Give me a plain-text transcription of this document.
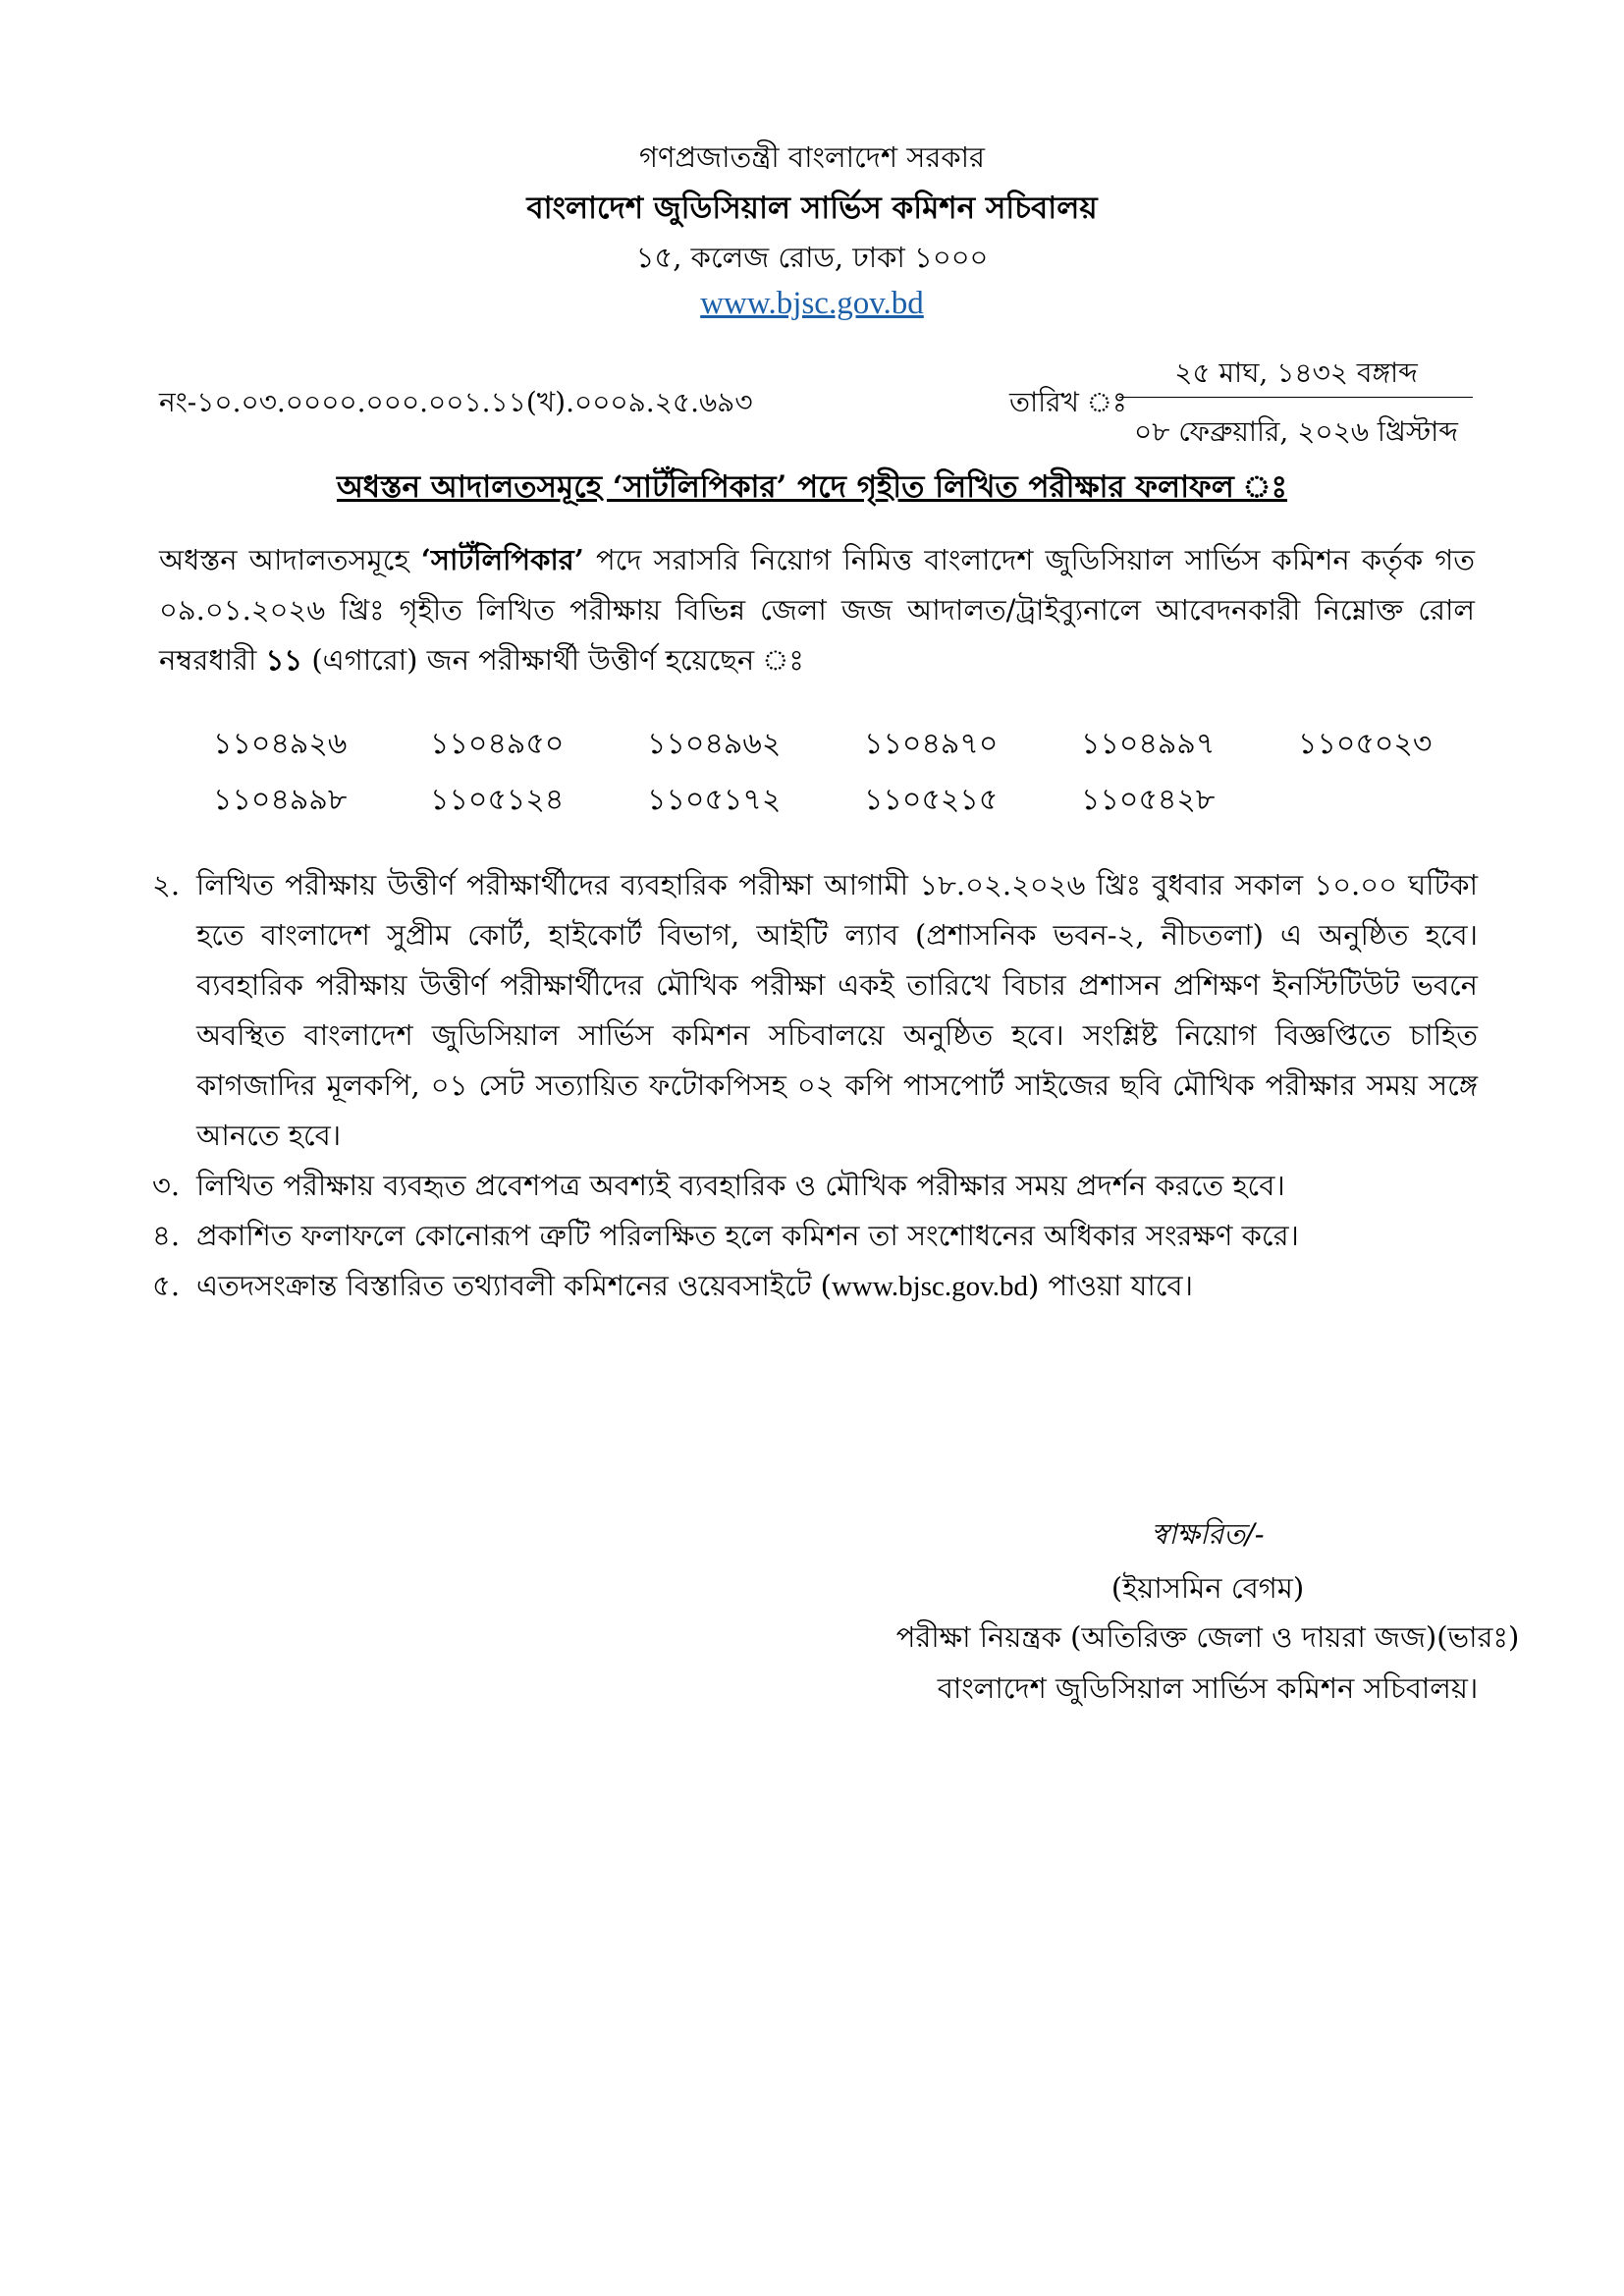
গণপ্রজাতন্ত্রী বাংলাদেশ সরকার
বাংলাদেশ জুডিসিয়াল সার্ভিস কমিশন সচিবালয়
১৫, কলেজ রোড, ঢাকা ১০০০
www.bjsc.gov.bd
নং-১০.০৩.০০০০.০০০.০০১.১১(খ).০০০৯.২৫.৬৯৩	তারিখ ঃ
২৫ মাঘ, ১৪৩২ বঙ্গাব্দ
০৮ ফেব্রুয়ারি, ২০২৬ খ্রিস্টাব্দ
অধস্তন আদালতসমূহে ‘সাটঁলিপিকার’ পদে গৃহীত লিখিত পরীক্ষার ফলাফল ঃ
অধস্তন আদালতসমূহে ‘সাটঁলিপিকার’ পদে সরাসরি নিয়োগ নিমিত্ত বাংলাদেশ জুডিসিয়াল সার্ভিস কমিশন কর্তৃক গত ০৯.০১.২০২৬ খ্রিঃ গৃহীত লিখিত পরীক্ষায় বিভিন্ন জেলা জজ আদালত/ট্রাইব্যুনালে আবেদনকারী নিম্নোক্ত রোল নম্বরধারী ১১ (এগারো) জন পরীক্ষার্থী উত্তীর্ণ হয়েছেন ঃ
১১০৪৯২৬	১১০৪৯৫০	১১০৪৯৬২	১১০৪৯৭০	১১০৪৯৯৭	১১০৫০২৩
১১০৪৯৯৮	১১০৫১২৪	১১০৫১৭২	১১০৫২১৫	১১০৫৪২৮
২. লিখিত পরীক্ষায় উত্তীর্ণ পরীক্ষার্থীদের ব্যবহারিক পরীক্ষা আগামী ১৮.০২.২০২৬ খ্রিঃ বুধবার সকাল ১০.০০ ঘটিকা হতে বাংলাদেশ সুপ্রীম কোর্ট, হাইকোর্ট বিভাগ, আইটি ল্যাব (প্রশাসনিক ভবন-২, নীচতলা) এ অনুষ্ঠিত হবে। ব্যবহারিক পরীক্ষায় উত্তীর্ণ পরীক্ষার্থীদের মৌখিক পরীক্ষা একই তারিখে বিচার প্রশাসন প্রশিক্ষণ ইনস্টিটিউট ভবনে অবস্থিত বাংলাদেশ জুডিসিয়াল সার্ভিস কমিশন সচিবালয়ে অনুষ্ঠিত হবে। সংশ্লিষ্ট নিয়োগ বিজ্ঞপ্তিতে চাহিত কাগজাদির মূলকপি, ০১ সেট সত্যায়িত ফটোকপিসহ ০২ কপি পাসপোর্ট সাইজের ছবি মৌখিক পরীক্ষার সময় সঙ্গে আনতে হবে।
৩. লিখিত পরীক্ষায় ব্যবহৃত প্রবেশপত্র অবশ্যই ব্যবহারিক ও মৌখিক পরীক্ষার সময় প্রদর্শন করতে হবে।
৪. প্রকাশিত ফলাফলে কোনোরূপ ত্রুটি পরিলক্ষিত হলে কমিশন তা সংশোধনের অধিকার সংরক্ষণ করে।
৫. এতদসংক্রান্ত বিস্তারিত তথ্যাবলী কমিশনের ওয়েবসাইটে (www.bjsc.gov.bd) পাওয়া যাবে।
স্বাক্ষরিত/-
(ইয়াসমিন বেগম)
পরীক্ষা নিয়ন্ত্রক (অতিরিক্ত জেলা ও দায়রা জজ)(ভারঃ)
বাংলাদেশ জুডিসিয়াল সার্ভিস কমিশন সচিবালয়।
